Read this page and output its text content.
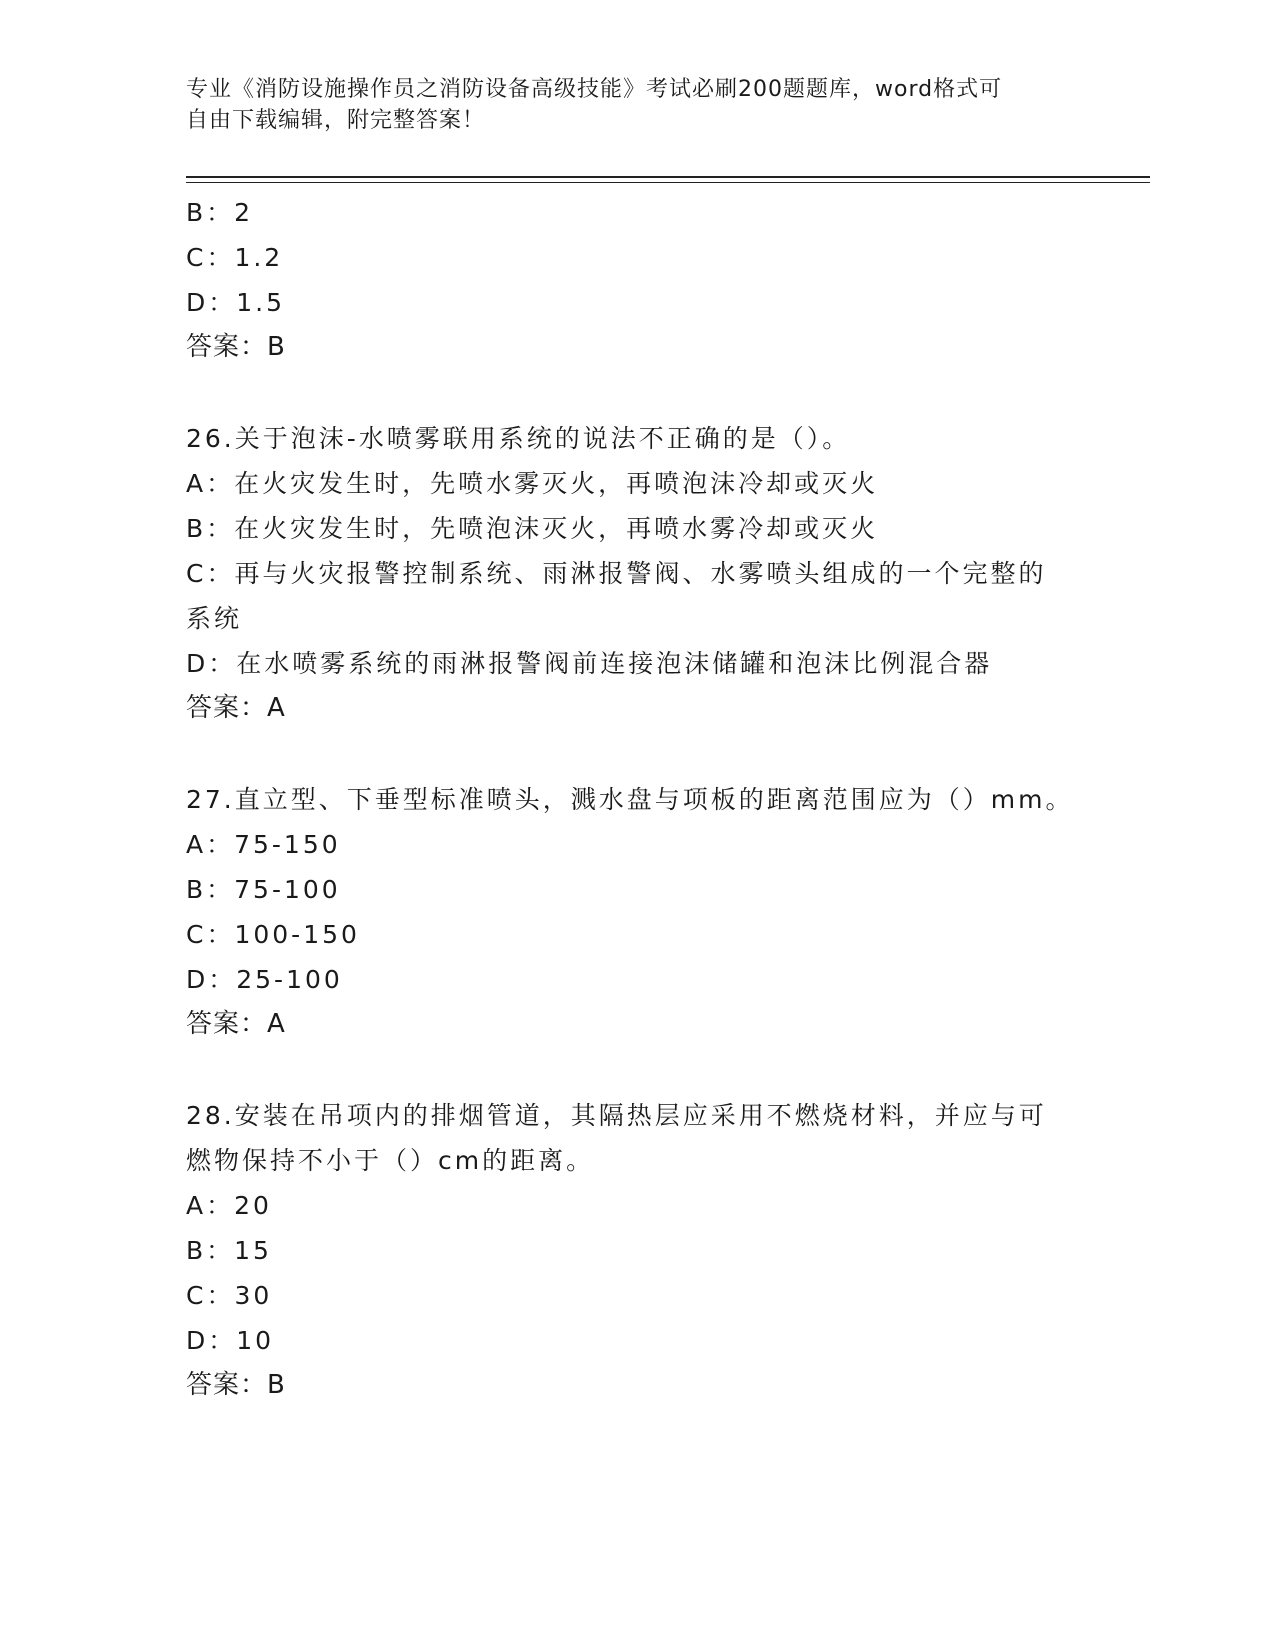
专业《消防设施操作员之消防设备高级技能》考试必刷200题题库，word格式可
自由下载编辑，附完整答案！
B：2
C：1.2
D：1.5
答案：B
26.关于泡沫-水喷雾联用系统的说法不正确的是（）。
A：在火灾发生时，先喷水雾灭火，再喷泡沫冷却或灭火
B：在火灾发生时，先喷泡沫灭火，再喷水雾冷却或灭火
C：再与火灾报警控制系统、雨淋报警阀、水雾喷头组成的一个完整的
系统
D：在水喷雾系统的雨淋报警阀前连接泡沫储罐和泡沫比例混合器
答案：A
27.直立型、下垂型标准喷头，溅水盘与项板的距离范围应为（）mm。
A：75-150
B：75-100
C：100-150
D：25-100
答案：A
28.安装在吊项内的排烟管道，其隔热层应采用不燃烧材料，并应与可
燃物保持不小于（）cm的距离。
A：20
B：15
C：30
D：10
答案：B
